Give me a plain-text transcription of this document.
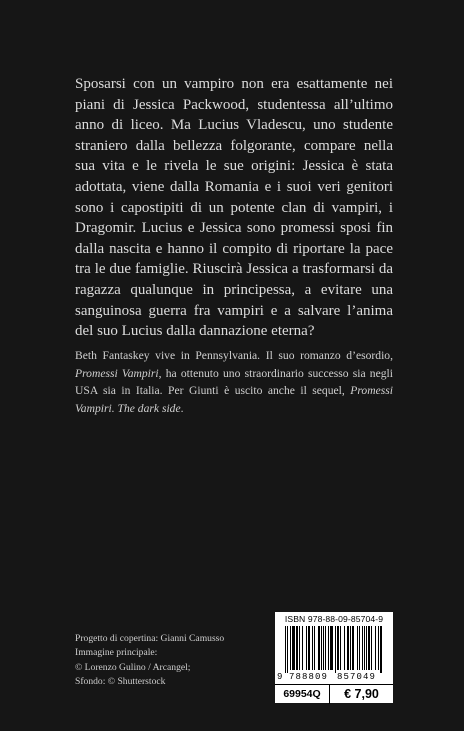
Sposarsi con un vampiro non era esattamente nei piani di Jessica Packwood, studentessa all’ultimo anno di liceo. Ma Lucius Vladescu, uno studente straniero dalla bellezza folgorante, compare nella sua vita e le rivela le sue origini: Jessica è stata adottata, viene dalla Romania e i suoi veri genitori sono i capostipiti di un potente clan di vampiri, i Dragomir. Lucius e Jessica sono promessi sposi fin dalla nascita e hanno il compito di riportare la pace tra le due famiglie. Riuscirà Jessica a trasformarsi da ragazza qualunque in principessa, a evitare una sanguinosa guerra fra vampiri e a salvare l’anima del suo Lucius dalla dannazione eterna?

Beth Fantaskey vive in Pennsylvania. Il suo romanzo d’esordio, Promessi Vampiri, ha ottenuto uno straordinario successo sia negli USA sia in Italia. Per Giunti è uscito anche il sequel, Promessi Vampiri. The dark side.

Progetto di copertina: Gianni Camusso
Immagine principale:
© Lorenzo Gulino / Arcangel;
Sfondo: © Shutterstock
ISBN 978-88-09-85704-9
9 788809 857049
69954Q	€ 7,90
